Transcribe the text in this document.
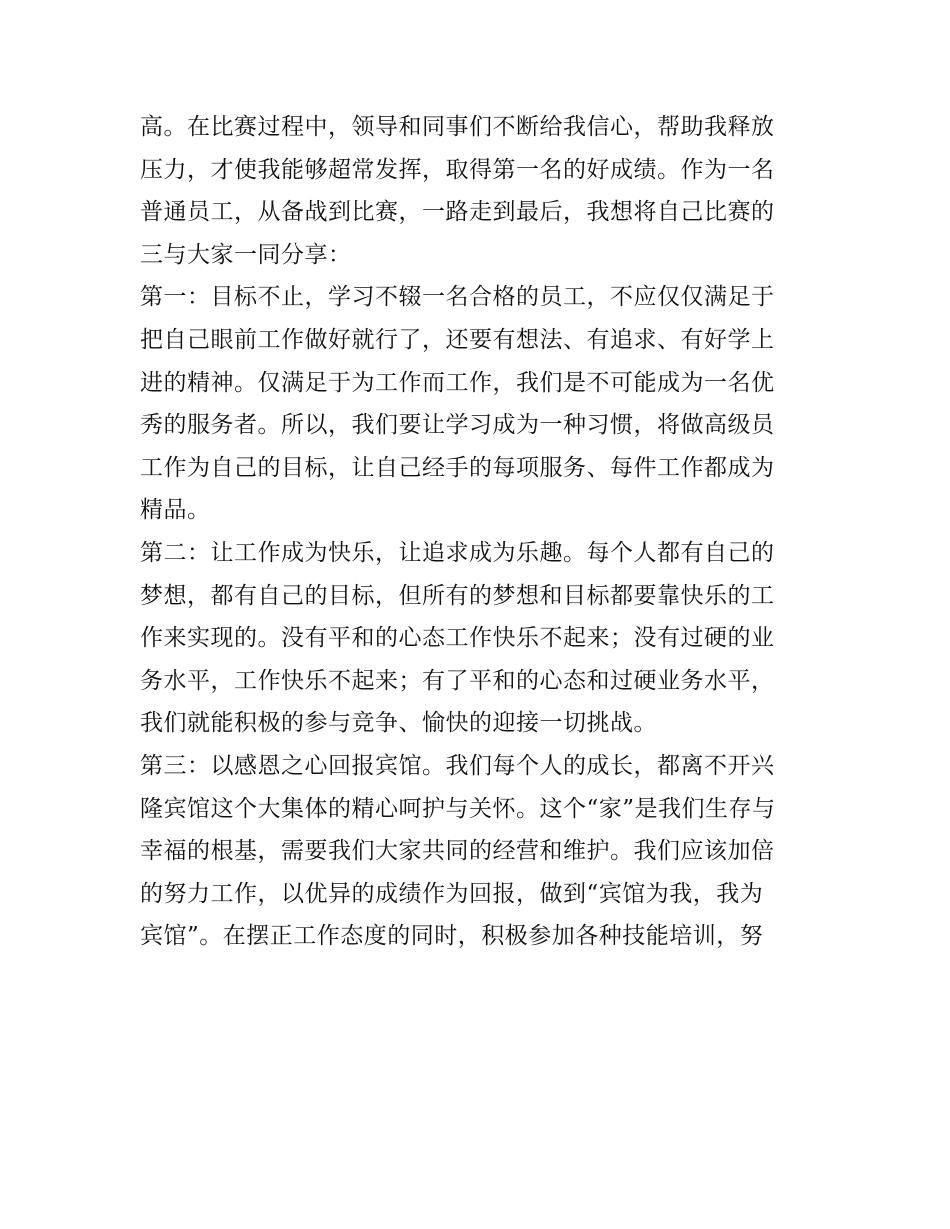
高。在比赛过程中，领导和同事们不断给我信心，帮助我释放
压力，才使我能够超常发挥，取得第一名的好成绩。作为一名
普通员工，从备战到比赛，一路走到最后，我想将自己比赛的
三与大家一同分享：
第一：目标不止，学习不辍一名合格的员工，不应仅仅满足于
把自己眼前工作做好就行了，还要有想法、有追求、有好学上
进的精神。仅满足于为工作而工作，我们是不可能成为一名优
秀的服务者。所以，我们要让学习成为一种习惯，将做高级员
工作为自己的目标，让自己经手的每项服务、每件工作都成为
精品。
第二：让工作成为快乐，让追求成为乐趣。每个人都有自己的
梦想，都有自己的目标，但所有的梦想和目标都要靠快乐的工
作来实现的。没有平和的心态工作快乐不起来；没有过硬的业
务水平，工作快乐不起来；有了平和的心态和过硬业务水平，
我们就能积极的参与竞争、愉快的迎接一切挑战。
第三：以感恩之心回报宾馆。我们每个人的成长，都离不开兴
隆宾馆这个大集体的精心呵护与关怀。这个“家”是我们生存与
幸福的根基，需要我们大家共同的经营和维护。我们应该加倍
的努力工作，以优异的成绩作为回报，做到“宾馆为我，我为
宾馆”。在摆正工作态度的同时，积极参加各种技能培训，努
